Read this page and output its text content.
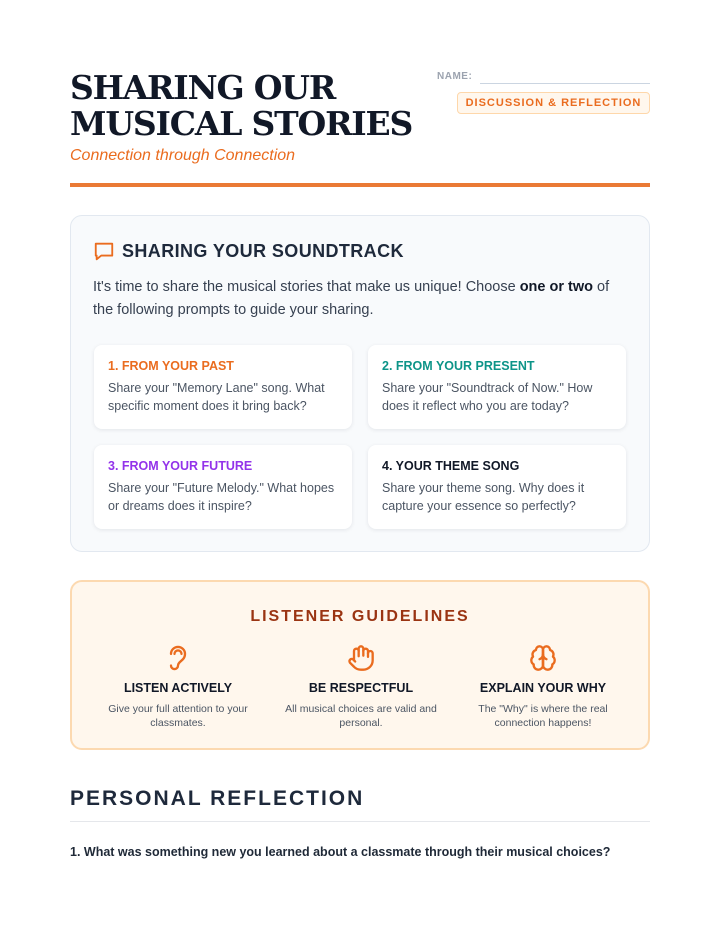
SHARING OUR MUSICAL STORIES
Connection through Connection
NAME:
DISCUSSION & REFLECTION
SHARING YOUR SOUNDTRACK

It's time to share the musical stories that make us unique! Choose one or two of the following prompts to guide your sharing.

1. FROM YOUR PAST
Share your "Memory Lane" song. What specific moment does it bring back?
2. FROM YOUR PRESENT
Share your "Soundtrack of Now." How does it reflect who you are today?
3. FROM YOUR FUTURE
Share your "Future Melody." What hopes or dreams does it inspire?
4. YOUR THEME SONG
Share your theme song. Why does it capture your essence so perfectly?
LISTENER GUIDELINES
LISTEN ACTIVELY
Give your full attention to your classmates.
BE RESPECTFUL
All musical choices are valid and personal.
EXPLAIN YOUR WHY
The "Why" is where the real connection happens!
PERSONAL REFLECTION

1. What was something new you learned about a classmate through their musical choices?
